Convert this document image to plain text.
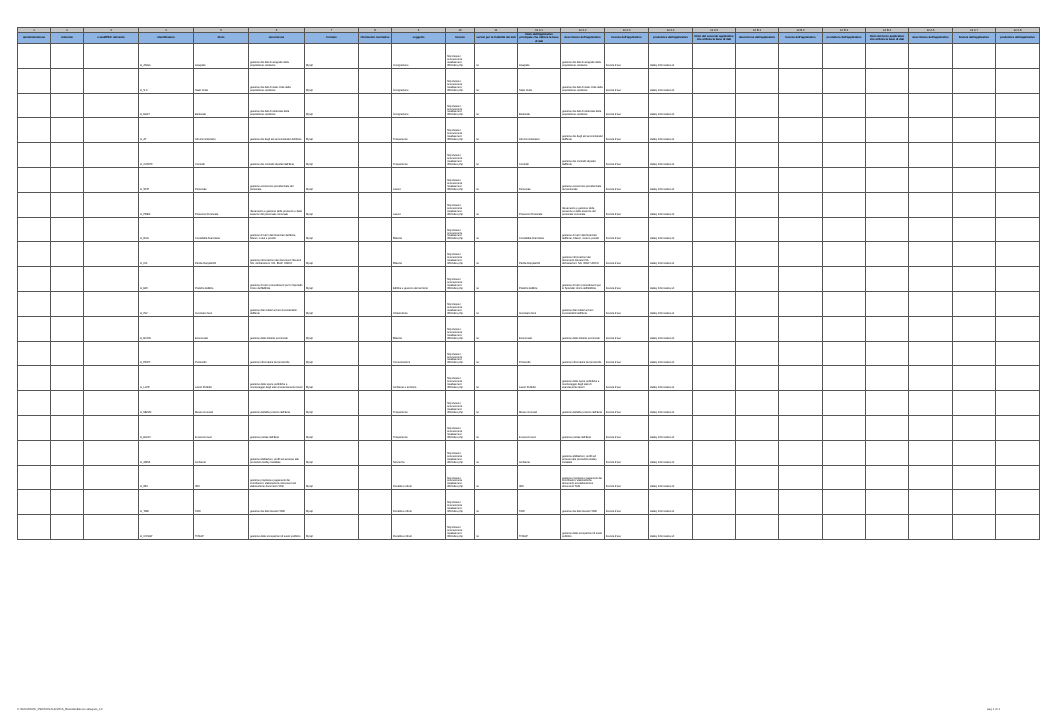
1	2	3	4	5	6	7	8	9	10	11	12 A 1	12 A 2	12 A 3	12 A 4	12 A 5	12 B 1	12 B 2	12 B 3	12 B 4	12 A 6	12 A 7	12 A 8
amministrazione	referente	e-mail/PEC referente	identificatore	titolo	descrizione	formato	riferimento normativo	soggetto	licenza	servizi per la fruibilità dei dati	titolo dell'applicativo principale che utilizza la base di dati	descrizione dell'applicativo	licenza dell'applicativo	produttore dell'applicativo	titolo del secondo applicativo che utilizza la base di dati	descrizione dell'applicativo	licenza dell'applicativo	produttore dell'applicativo	titolo del terzo applicativo che utilizza la base di dati	descrizione dell'applicativo	licenza dell'applicativo	produttore dell'applicativo
			H_ANAG	Anagrafe	gestione dei dati di anagrafe della popolazione residente	Mysql		Immigrazione	http://www.c omunemonte rosaltaeme.it /PA/index.php	no	Anagrafe	gestione dei dati di anagrafe della popolazione residente	licenza d'uso	Halley Informatica srl								
			H_S.C.	Stato Civile	gestione dei dati di stato civile della popolazione residente	Mysql		Immigrazione	http://www.c omunemonte rosaltaeme.it /PA/index.php	no	Stato Civile	gestione dei dati di stato civile della popolazione residente	licenza d'uso	Halley Informatica srl								
			H_ELET	Elettorale	gestione dei dati di elettorale della popolazione residente	Mysql		Immigrazione	http://www.c omunemonte rosaltaeme.it /PA/index.php	no	Elettorale	gestione dei dati di elettorale della popolazione residente	licenza d'uso	Halley Informatica srl								
			H_AT	Atti Amministrativi	gestione dei degli atti amministrativi dell'Ente	Mysql		Trasparenza	http://www.c omunemonte rosaltaeme.it /PA/index.php	no	Atti Amministrativi	gestione dei degli atti amministrativi dell'Ente	licenza d'uso	Halley Informatica srl								
			H_CONTR	Contratti	gestione dei contratti stipulati dall'Ente	Mysql		Trasparenza	http://www.c omunemonte rosaltaeme.it /PA/index.php	no	Contratti	gestione dei contratti stipulati dall'Ente	licenza d'uso	Halley Informatica srl								
			H_STIP	Personale	gestione economico-previdenziale del personale	Mysql		Lavoro	http://www.c omunemonte rosaltaeme.it /PA/index.php	no	Personale	gestione economico-previdenziale del personale	licenza d'uso	Halley Informatica srl								
			H_PRES	Presenze Personale	rilevamento e gestione delle presenze e delle assenze del personale comunale	Mysql		Lavoro	http://www.c omunemonte rosaltaeme.it /PA/index.php	no	Presenze Personale	rilevamento e gestione delle presenze e delle assenze del personale comunale	licenza d'uso	Halley Informatica srl								
			H_RAG	Contabilità finanziaria	gestione di tutti i dati finanziari dell'Ente, bilanci, mutui e prestiti	Mysql		Bilancio	http://www.c omunemonte rosaltaeme.it /PA/index.php	no	Contabilità finanziaria	gestione di tutti i dati finanziari dell'Ente, bilanci, mutui e prestiti	licenza d'uso	Halley Informatica srl								
			H_IVA	Partita Doppia/IVA	gestione informazioni dei documenti rilevanti IVA, dichiarazioni: IVA, IRAP, UNICO	Mysql		Bilancio	http://www.c omunemonte rosaltaeme.it /PA/index.php	no	Partita Doppia/IVA	gestione informazioni dei documenti rilevanti IVA, dichiarazioni: IVA, IRAP, UNICO	licenza d'uso	Halley Informatica srl								
			H_EDI	Pratiche Edilizie	gestione di tutti i procedimenti per lo Sportello Unico dell'Edilizia	Mysql		Edilizia e governo del territorio	http://www.c omunemonte rosaltaeme.it /PA/index.php	no	Pratiche Edilizie	gestione di tutti i procedimenti per lo Sportello Unico dell'Edilizia	licenza d'uso	Halley Informatica srl								
			H_INV	Inventario beni	gestione dati relativi ai beni inventariabili dell'Ente	Mysql		Infrastrutture	http://www.c omunemonte rosaltaeme.it /PA/index.php	no	Inventario beni	gestione dati relativi ai beni inventariabili dell'Ente	licenza d'uso	Halley Informatica srl								
			H_ECON	Economato	gestione delle bollette economali	Mysql		Bilancio	http://www.c omunemonte rosaltaeme.it /PA/index.php	no	Economato	gestione delle bollette economali	licenza d'uso	Halley Informatica srl								
			H_PROT	Protocollo	gestione informatica del protocollo	Mysql		Comunicazioni	http://www.c omunemonte rosaltaeme.it /PA/index.php	no	Protocollo	gestione informatica del protocollo	licenza d'uso	Halley Informatica srl								
			H_LLPP	Lavori Pubblici	gestione delle opere pubbliche e monitoraggio degli stati di avanzamento lavori	Mysql		Ambiente e territorio	http://www.c omunemonte rosaltaeme.it /PA/index.php	no	Lavori Pubblici	gestione delle opere pubbliche e monitoraggio degli stati di avanzamento lavori	licenza d'uso	Halley Informatica srl								
			H_MESSI	Messi comunali	gestione dell'albo pretorio dell'Ente	Mysql		Trasparenza	http://www.c omunemonte rosaltaeme.it /PA/index.php	no	Messi comunali	gestione dell'albo pretorio dell'Ente	licenza d'uso	Halley Informatica srl								
			H_EGOV	E-Government	gestione portale dell'Ente	Mysql		Trasparenza	http://www.c omunemonte rosaltaeme.it /PA/index.php	no	E-Government	gestione portale dell'Ente	licenza d'uso	Halley Informatica srl								
			H_AMMI	Ambiente	gestione abilitazioni, profili ed accesso alle procedure Halley installate	Mysql		Sicurezza	http://www.c omunemonte rosaltaeme.it /PA/index.php	no	Ambiente	gestione abilitazioni, profili ed accesso alle procedure Halley installate	licenza d'uso	Halley Informatica srl								
			H_IMU	IMU	gestione proprietà e pagamenti dei contribuenti, elaborazione documenti ed elaborazione documenti TASI	Mysql		Fiscalità e tributi	http://www.c omunemonte rosaltaeme.it /PA/index.php	no	IMU	gestione proprietà e pagamenti dei contribuenti, elaborazione documenti ed elaborazione documenti TASI	licenza d'uso	Halley Informatica srl								
			H_TARI	TARI	gestione dei dati rilevanti TARI	Mysql		Fiscalità e tributi	http://www.c omunemonte rosaltaeme.it /PA/index.php	no	TARI	gestione dei dati rilevanti TARI	licenza d'uso	Halley Informatica srl								
			H_COSAP	TOSAP	gestione delle occupazioni di suolo pubblico	Mysql		Fiscalità e tributi	http://www.c omunemonte rosaltaeme.it /PA/index.php	no	TOSAP	gestione delle occupazioni di suolo pubblico	licenza d'uso	Halley Informatica srl								
C:\MAGIMANI_PERSONALE\2016_Basidati\Elenco-allegato_10	pag 1 di 1
